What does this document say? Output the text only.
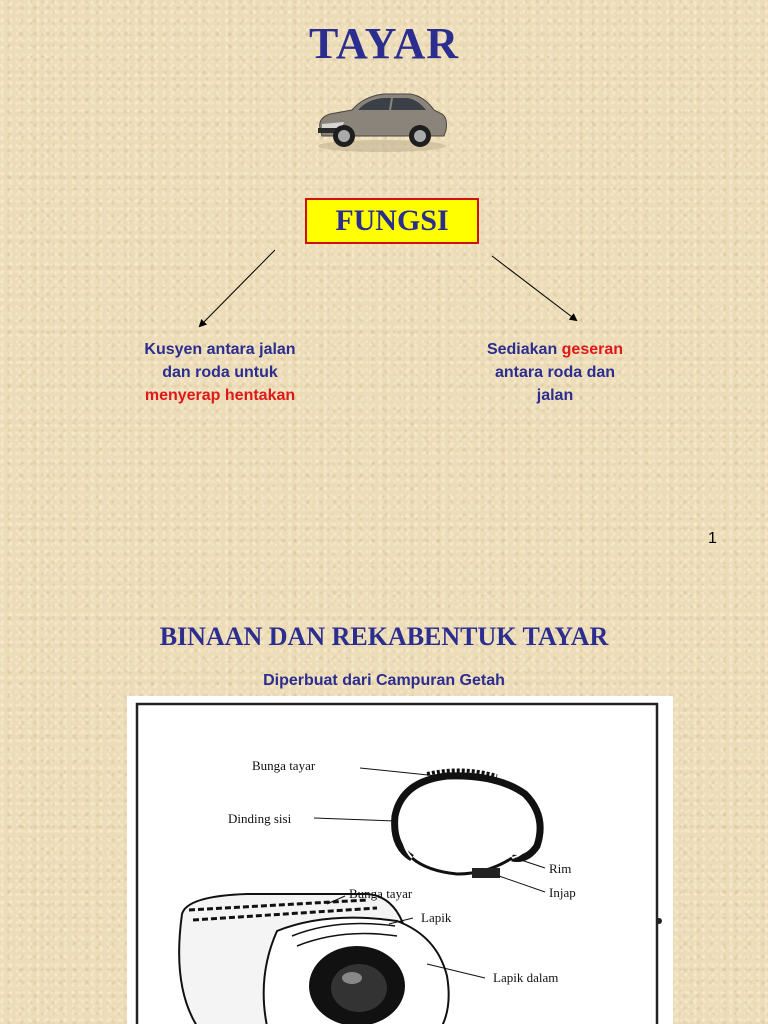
TAYAR
FUNGSI
Kusyen antara jalan
dan roda untuk
menyerap hentakan
Sediakan geseran
antara roda dan
jalan
1
BINAAN DAN REKABENTUK TAYAR
Diperbuat dari Campuran Getah
Bunga tayar
Dinding sisi
Rim
Injap
Bunga tayar
Lapik
Lapik dalam
